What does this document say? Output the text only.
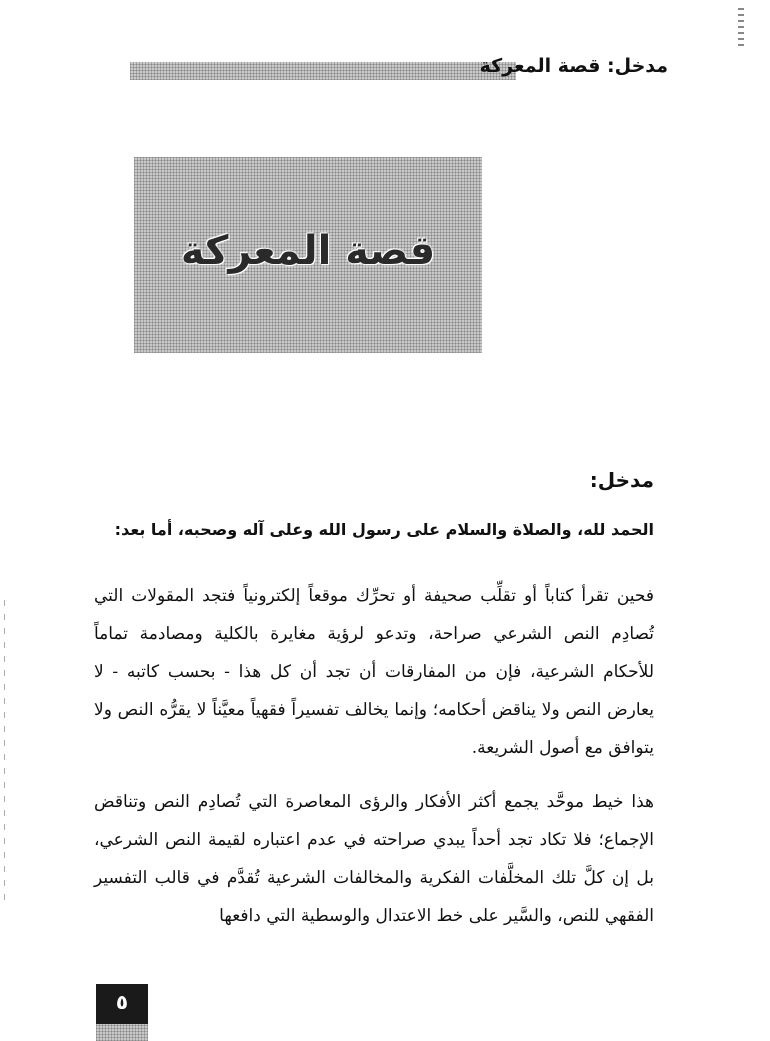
مدخل: قصة المعركة
قصة المعركة
مدخل:
الحمد لله، والصلاة والسلام على رسول الله وعلى آله وصحبه، أما بعد:

فحين تقرأ كتاباً أو تقلِّب صحيفة أو تحرِّك موقعاً إلكترونياً فتجد المقولات التي تُصادِم النص الشرعي صراحة، وتدعو لرؤية مغايرة بالكلية ومصادمة تماماً للأحكام الشرعية، فإن من المفارقات أن تجد أن كل هذا - بحسب كاتبه - لا يعارض النص ولا يناقض أحكامه؛ وإنما يخالف تفسيراً فقهياً معيَّناً لا يقرُّه النص ولا يتوافق مع أصول الشريعة.

هذا خيط موحَّد يجمع أكثر الأفكار والرؤى المعاصرة التي تُصادِم النص وتناقض الإجماع؛ فلا تكاد تجد أحداً يبدي صراحته في عدم اعتباره لقيمة النص الشرعي، بل إن كلَّ تلك المخلَّفات الفكرية والمخالفات الشرعية تُقدَّم في قالب التفسير الفقهي للنص، والسَّير على خط الاعتدال والوسطية التي دافعها

٥
